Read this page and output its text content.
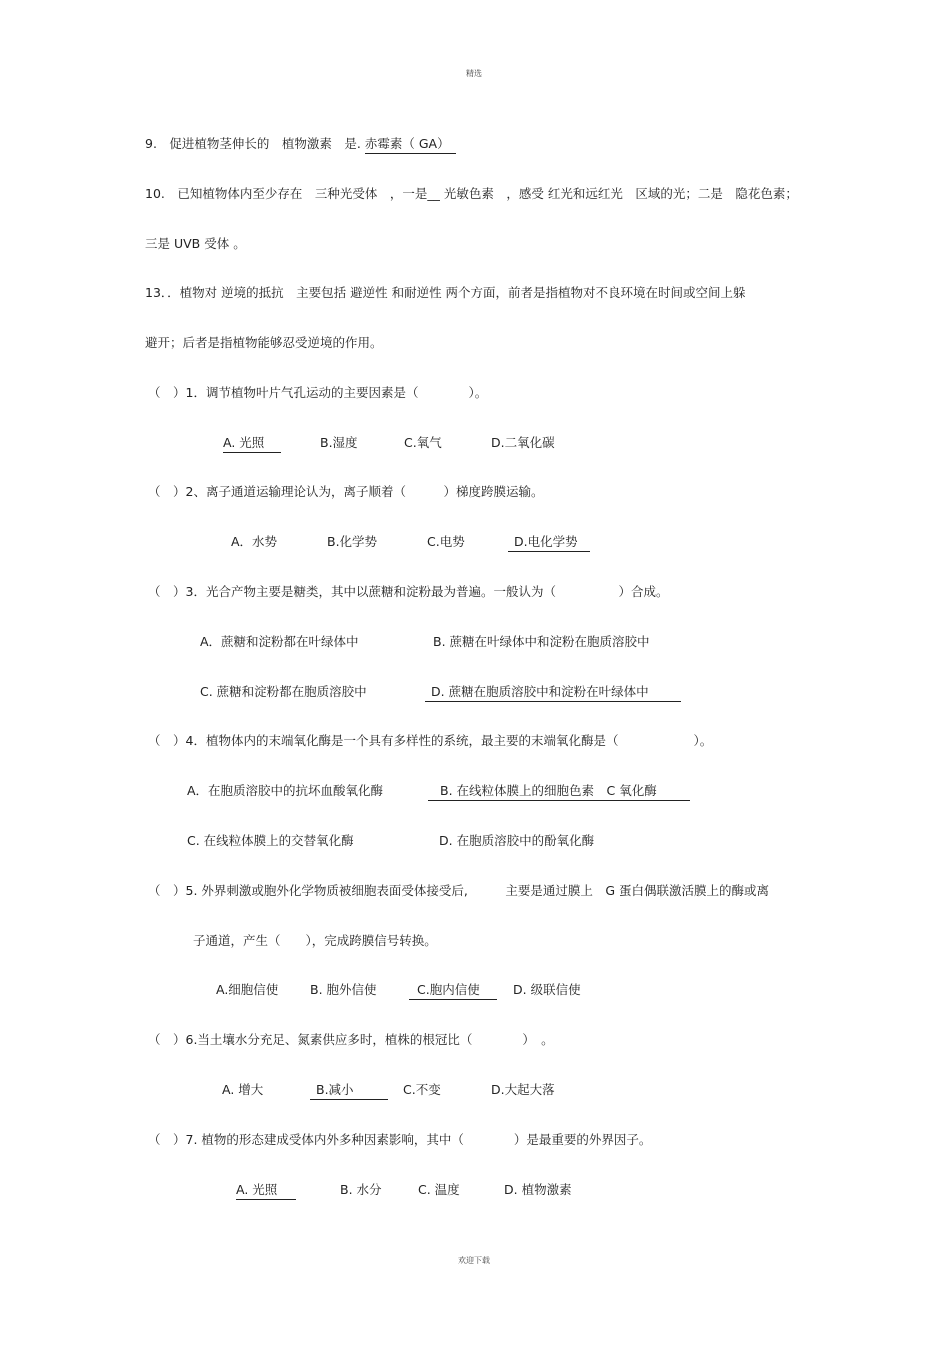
精选
9.　促进植物茎伸长的　植物激素　是. 赤霉素（ GA）
10.　已知植物体内至少存在　三种光受体　，一是__ 光敏色素　，感受 红光和远红光　区域的光；二是　隐花色素；
三是 UVB 受体 。
13．．植物对 逆境的抵抗　主要包括 避逆性 和耐逆性 两个方面，前者是指植物对不良环境在时间或空间上躲
避开；后者是指植物能够忍受逆境的作用。
（　）1．调节植物叶片气孔运动的主要因素是（　　　　）。
A. 光照	B.湿度	C.氧气	D.二氧化碳
（　）2、离子通道运输理论认为，离子顺着（　　　）梯度跨膜运输。
A．水势	B.化学势	C.电势	D.电化学势
（　）3．光合产物主要是糖类，其中以蔗糖和淀粉最为普遍。一般认为（　　　　　）合成。
A．蔗糖和淀粉都在叶绿体中	B. 蔗糖在叶绿体中和淀粉在胞质溶胶中
C. 蔗糖和淀粉都在胞质溶胶中	D. 蔗糖在胞质溶胶中和淀粉在叶绿体中
（　）4．植物体内的末端氧化酶是一个具有多样性的系统，最主要的末端氧化酶是（　　　　　　）。
A．在胞质溶胶中的抗坏血酸氧化酶	B. 在线粒体膜上的细胞色素　C 氧化酶
C. 在线粒体膜上的交替氧化酶	D. 在胞质溶胶中的酚氧化酶
（　）5. 外界刺激或胞外化学物质被细胞表面受体接受后,　　　主要是通过膜上　G 蛋白偶联激活膜上的酶或离
子通道，产生（　　），完成跨膜信号转换。
A.细胞信使	B. 胞外信使	C.胞内信使	D. 级联信使
（　）6.当土壤水分充足、氮素供应多时，植株的根冠比（　　　　）　。
A. 增大	B.减小	C.不变	D.大起大落
（　）7. 植物的形态建成受体内外多种因素影响，其中（　　　　）是最重要的外界因子。
A. 光照	B. 水分	C. 温度	D. 植物激素
欢迎下载
